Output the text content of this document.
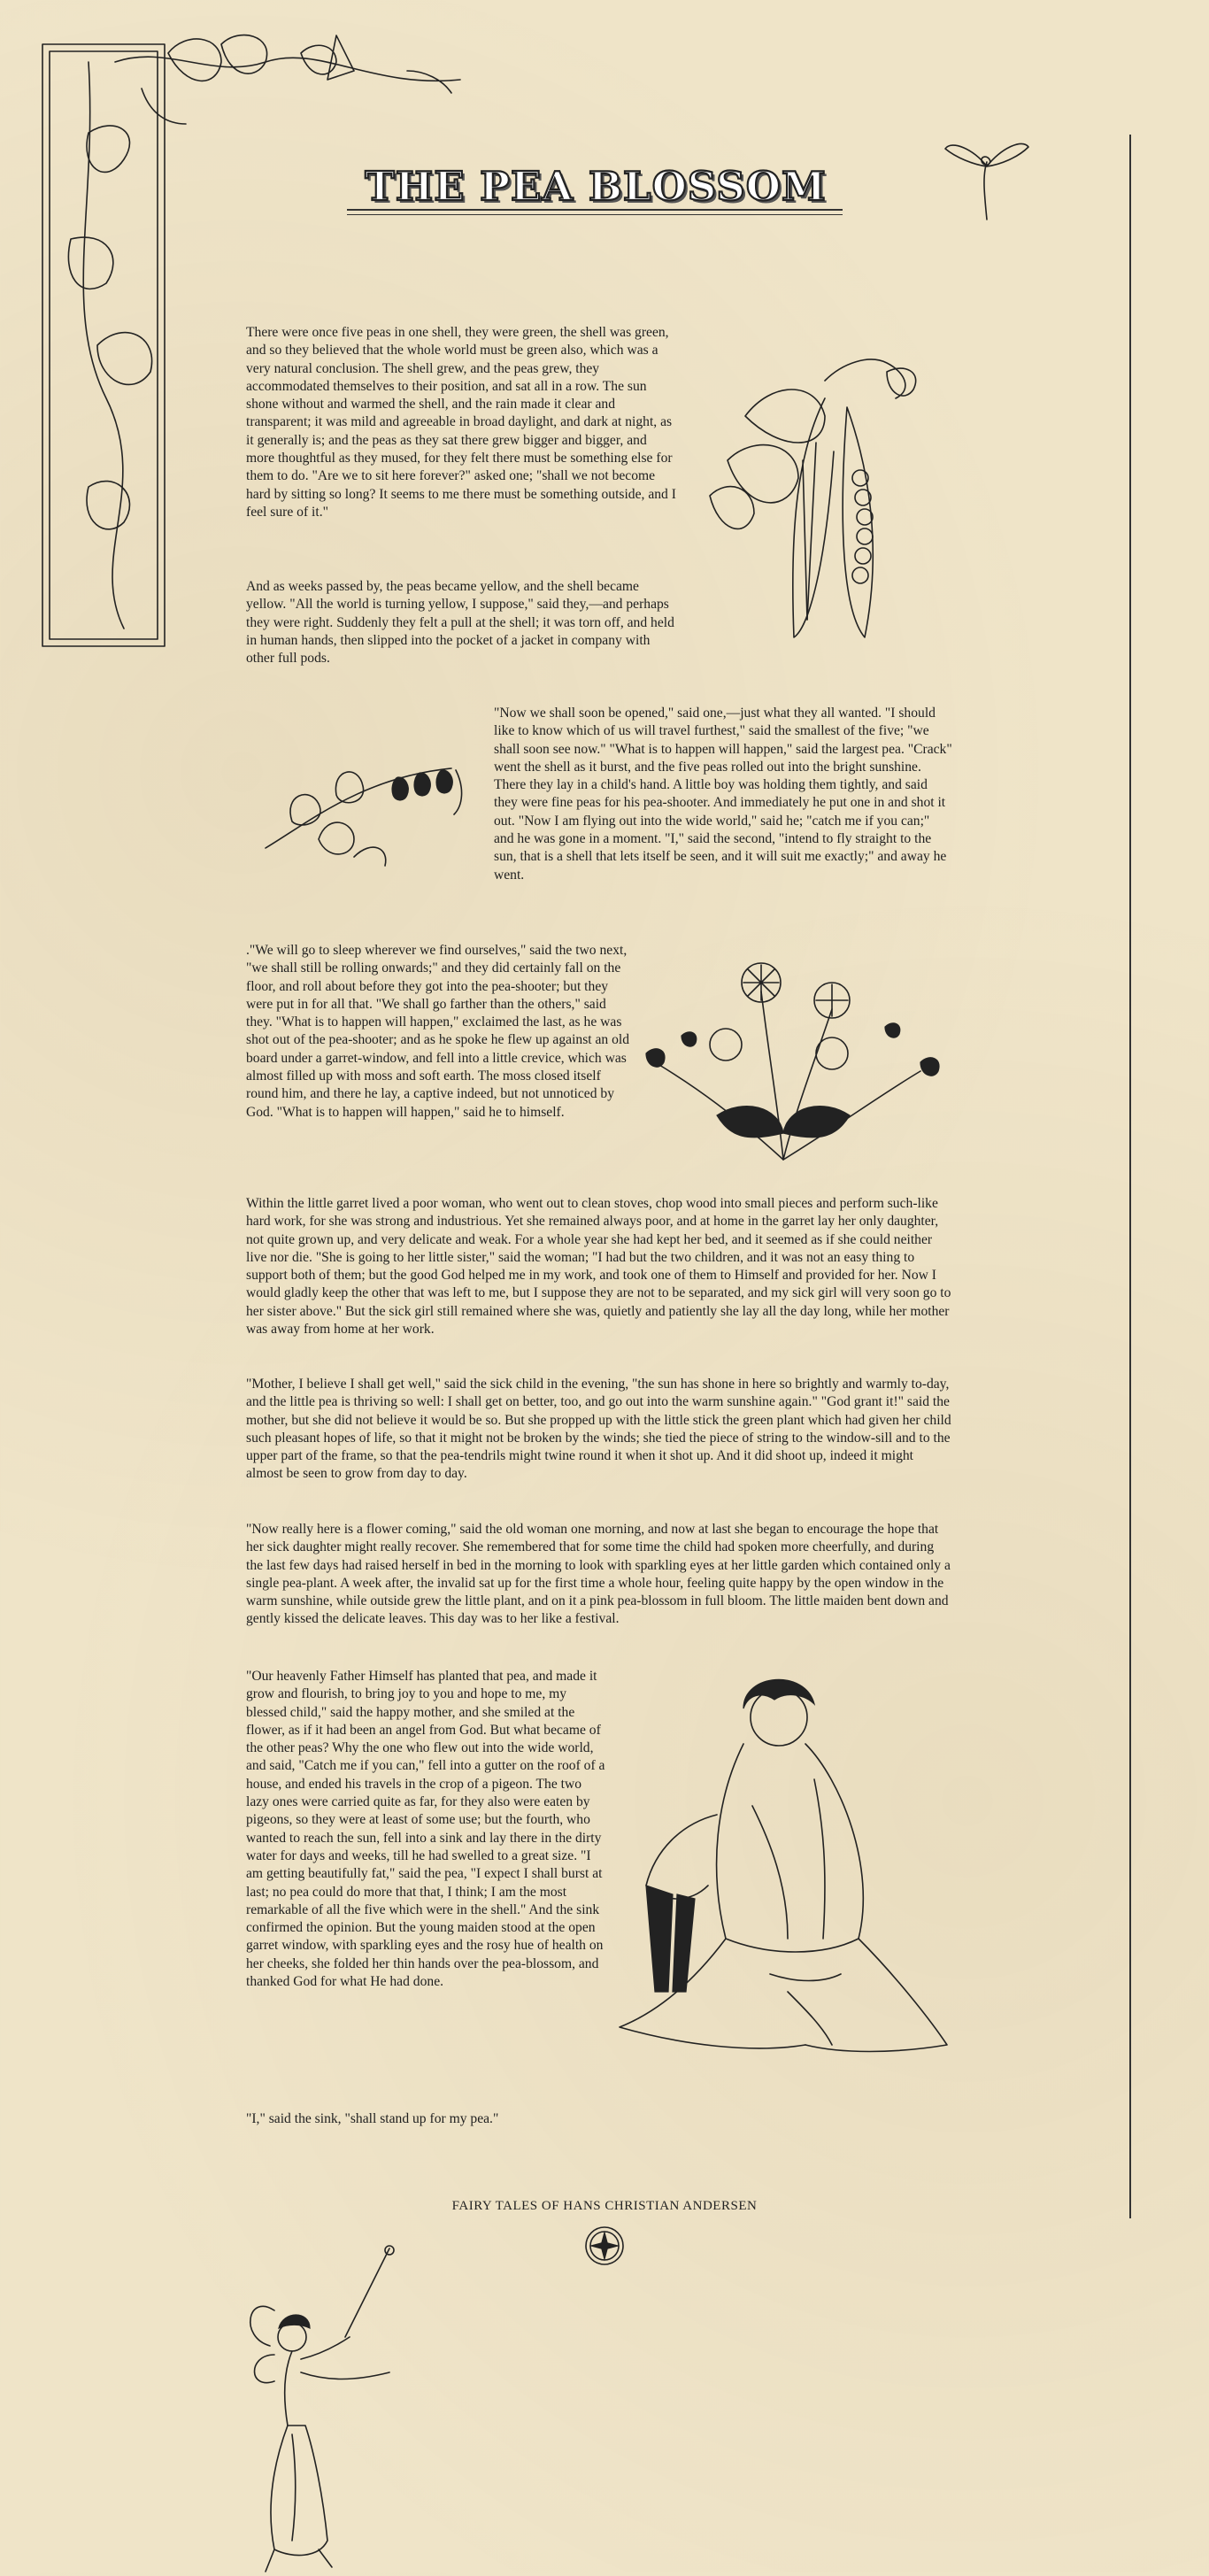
THE PEA BLOSSOM

There were once five peas in one shell, they were green, the shell was green, and so they believed that the whole world must be green also, which was a very natural conclusion. The shell grew, and the peas grew, they accommodated themselves to their position, and sat all in a row. The sun shone without and warmed the shell, and the rain made it clear and transparent; it was mild and agreeable in broad daylight, and dark at night, as it generally is; and the peas as they sat there grew bigger and bigger, and more thoughtful as they mused, for they felt there must be something else for them to do. "Are we to sit here forever?" asked one; "shall we not become hard by sitting so long? It seems to me there must be something outside, and I feel sure of it."

And as weeks passed by, the peas became yellow, and the shell became yellow. "All the world is turning yellow, I suppose," said they,—and perhaps they were right. Suddenly they felt a pull at the shell; it was torn off, and held in human hands, then slipped into the pocket of a jacket in company with other full pods.

"Now we shall soon be opened," said one,—just what they all wanted. "I should like to know which of us will travel furthest," said the smallest of the five; "we shall soon see now." "What is to happen will happen," said the largest pea. "Crack" went the shell as it burst, and the five peas rolled out into the bright sunshine. There they lay in a child's hand. A little boy was holding them tightly, and said they were fine peas for his pea-shooter. And immediately he put one in and shot it out. "Now I am flying out into the wide world," said he; "catch me if you can;" and he was gone in a moment. "I," said the second, "intend to fly straight to the sun, that is a shell that lets itself be seen, and it will suit me exactly;" and away he went.

."We will go to sleep wherever we find ourselves," said the two next, "we shall still be rolling onwards;" and they did certainly fall on the floor, and roll about before they got into the pea-shooter; but they were put in for all that. "We shall go farther than the others," said they. "What is to happen will happen," exclaimed the last, as he was shot out of the pea-shooter; and as he spoke he flew up against an old board under a garret-window, and fell into a little crevice, which was almost filled up with moss and soft earth. The moss closed itself round him, and there he lay, a captive indeed, but not unnoticed by God. "What is to happen will happen," said he to himself.

Within the little garret lived a poor woman, who went out to clean stoves, chop wood into small pieces and perform such-like hard work, for she was strong and industrious. Yet she remained always poor, and at home in the garret lay her only daughter, not quite grown up, and very delicate and weak. For a whole year she had kept her bed, and it seemed as if she could neither live nor die. "She is going to her little sister," said the woman; "I had but the two children, and it was not an easy thing to support both of them; but the good God helped me in my work, and took one of them to Himself and provided for her. Now I would gladly keep the other that was left to me, but I suppose they are not to be separated, and my sick girl will very soon go to her sister above." But the sick girl still remained where she was, quietly and patiently she lay all the day long, while her mother was away from home at her work.

"Mother, I believe I shall get well," said the sick child in the evening, "the sun has shone in here so brightly and warmly to-day, and the little pea is thriving so well: I shall get on better, too, and go out into the warm sunshine again." "God grant it!" said the mother, but she did not believe it would be so. But she propped up with the little stick the green plant which had given her child such pleasant hopes of life, so that it might not be broken by the winds; she tied the piece of string to the window-sill and to the upper part of the frame, so that the pea-tendrils might twine round it when it shot up. And it did shoot up, indeed it might almost be seen to grow from day to day.

"Now really here is a flower coming," said the old woman one morning, and now at last she began to encourage the hope that her sick daughter might really recover. She remembered that for some time the child had spoken more cheerfully, and during the last few days had raised herself in bed in the morning to look with sparkling eyes at her little garden which contained only a single pea-plant. A week after, the invalid sat up for the first time a whole hour, feeling quite happy by the open window in the warm sunshine, while outside grew the little plant, and on it a pink pea-blossom in full bloom. The little maiden bent down and gently kissed the delicate leaves. This day was to her like a festival.

"Our heavenly Father Himself has planted that pea, and made it grow and flourish, to bring joy to you and hope to me, my blessed child," said the happy mother, and she smiled at the flower, as if it had been an angel from God. But what became of the other peas? Why the one who flew out into the wide world, and said, "Catch me if you can," fell into a gutter on the roof of a house, and ended his travels in the crop of a pigeon. The two lazy ones were carried quite as far, for they also were eaten by pigeons, so they were at least of some use; but the fourth, who wanted to reach the sun, fell into a sink and lay there in the dirty water for days and weeks, till he had swelled to a great size. "I am getting beautifully fat," said the pea, "I expect I shall burst at last; no pea could do more that that, I think; I am the most remarkable of all the five which were in the shell." And the sink confirmed the opinion. But the young maiden stood at the open garret window, with sparkling eyes and the rosy hue of health on her cheeks, she folded her thin hands over the pea-blossom, and thanked God for what He had done.

"I," said the sink, "shall stand up for my pea."

FAIRY TALES OF HANS CHRISTIAN ANDERSEN
